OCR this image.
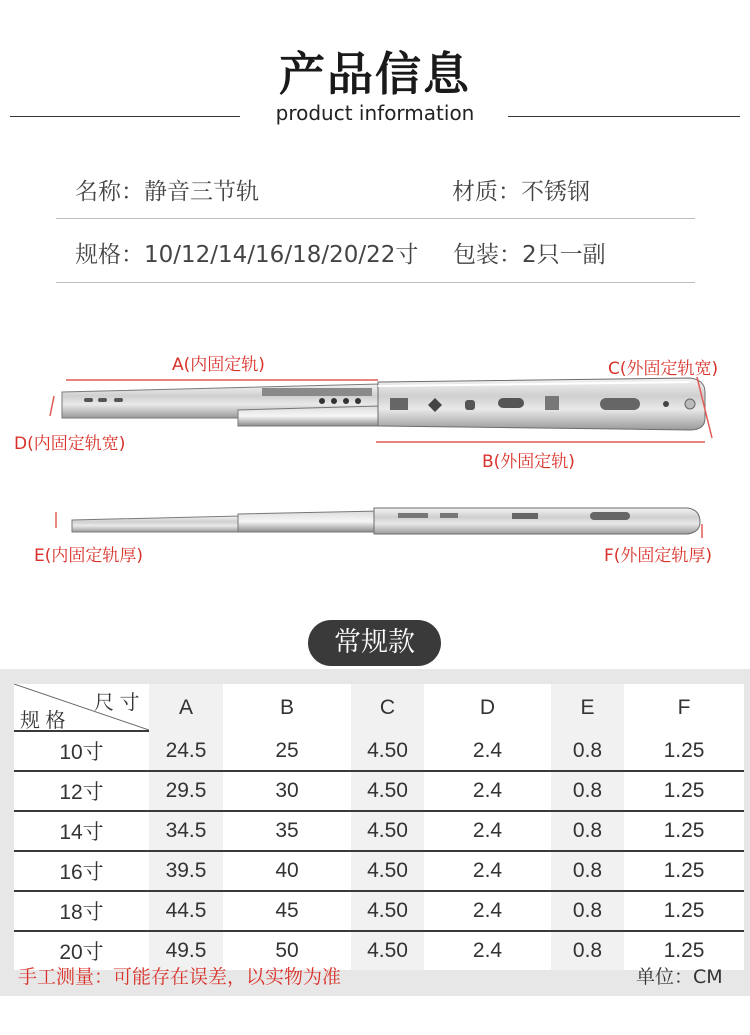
产品信息
product information
名称：静音三节轨	材质：不锈钢
规格：10/12/14/16/18/20/22寸 包装：2只一副
A(内固定轨)	C(外固定轨宽)
D(内固定轨宽)
B(外固定轨)
E(内固定轨厚)	F(外固定轨厚)
常规款
尺 寸
规 格	A	B	C	D	E	F
10寸	24.5	25	4.50	2.4	0.8	1.25
12寸	29.5	30	4.50	2.4	0.8	1.25
14寸	34.5	35	4.50	2.4	0.8	1.25
16寸	39.5	40	4.50	2.4	0.8	1.25
18寸	44.5	45	4.50	2.4	0.8	1.25
20寸	49.5	50	4.50	2.4	0.8	1.25
手工测量：可能存在误差，以实物为准	单位：CM
